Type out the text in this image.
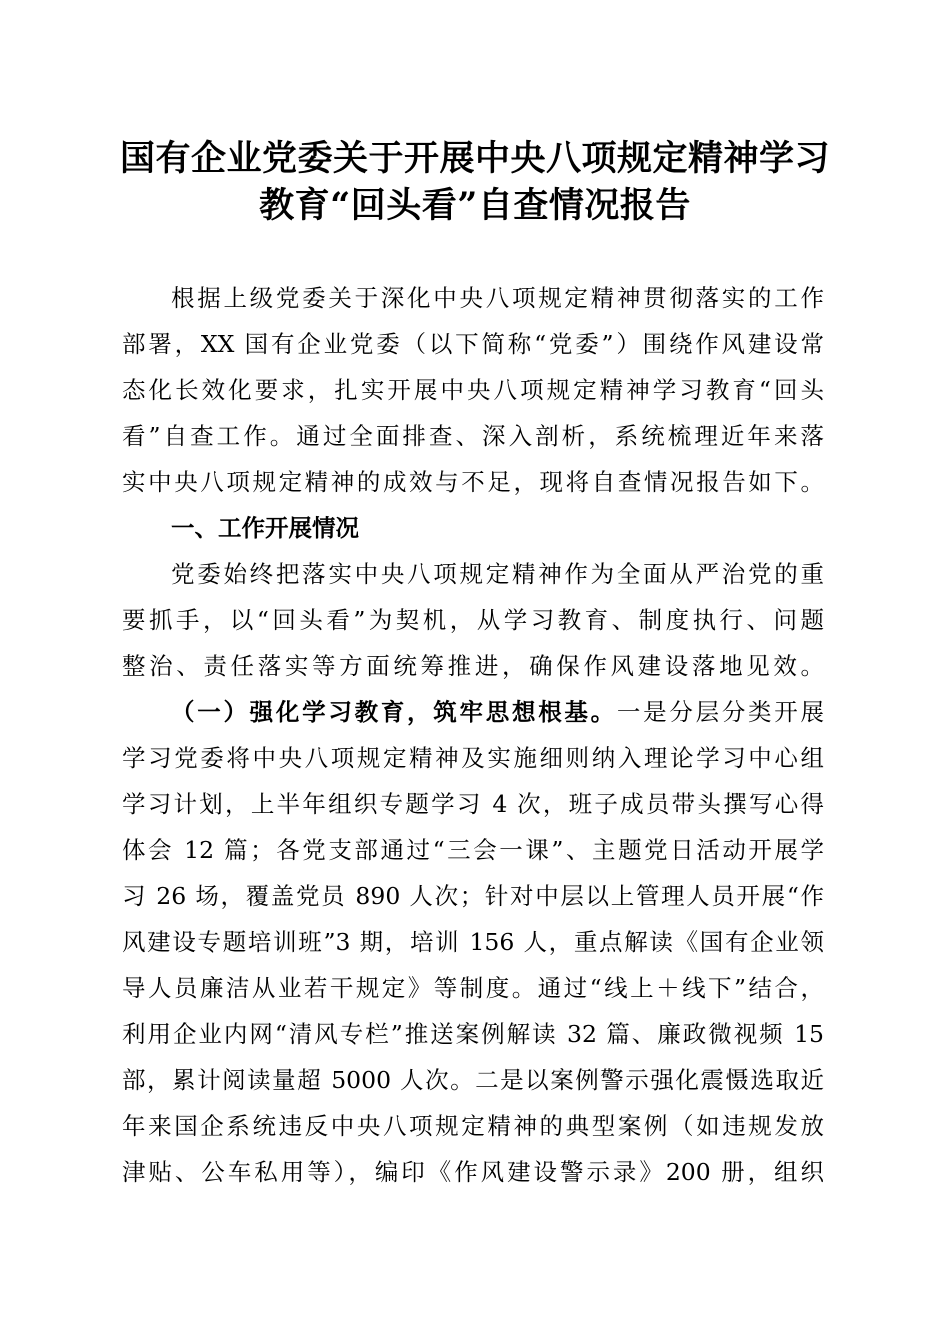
国有企业党委关于开展中央八项规定精神学习
教育“回头看”自查情况报告
根据上级党委关于深化中央八项规定精神贯彻落实的工作
部署，XX 国有企业党委（以下简称“党委”）围绕作风建设常
态化长效化要求，扎实开展中央八项规定精神学习教育“回头
看”自查工作。通过全面排查、深入剖析，系统梳理近年来落
实中央八项规定精神的成效与不足，现将自查情况报告如下。
一、工作开展情况
党委始终把落实中央八项规定精神作为全面从严治党的重
要抓手，以“回头看”为契机，从学习教育、制度执行、问题
整治、责任落实等方面统筹推进，确保作风建设落地见效。
（一）强化学习教育，筑牢思想根基。一是分层分类开展
学习党委将中央八项规定精神及实施细则纳入理论学习中心组
学习计划，上半年组织专题学习 4 次，班子成员带头撰写心得
体会 12 篇；各党支部通过“三会一课”、主题党日活动开展学
习 26 场，覆盖党员 890 人次；针对中层以上管理人员开展“作
风建设专题培训班”3 期，培训 156 人，重点解读《国有企业领
导人员廉洁从业若干规定》等制度。通过“线上＋线下”结合，
利用企业内网“清风专栏”推送案例解读 32 篇、廉政微视频 15
部，累计阅读量超 5000 人次。二是以案例警示强化震慑选取近
年来国企系统违反中央八项规定精神的典型案例（如违规发放
津贴、公车私用等），编印《作风建设警示录》200 册，组织
